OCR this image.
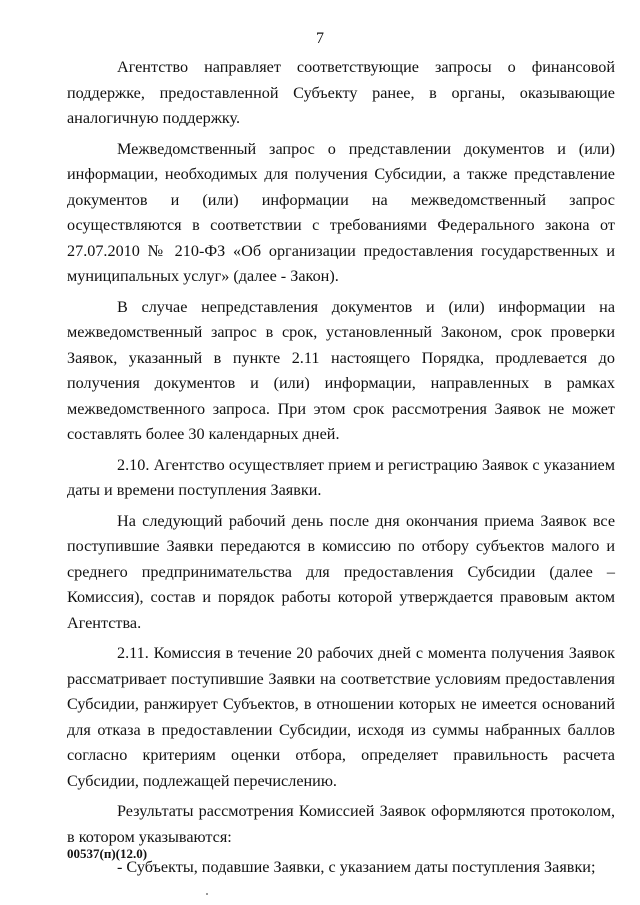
7

Агентство направляет соответствующие запросы о финансовой поддержке, предоставленной Субъекту ранее, в органы, оказывающие аналогичную поддержку.

Межведомственный запрос о представлении документов и (или) информации, необходимых для получения Субсидии, а также представление документов и (или) информации на межведомственный запрос осуществляются в соответствии с требованиями Федерального закона от 27.07.2010 № 210-ФЗ «Об организации предоставления государственных и муниципальных услуг» (далее - Закон).

В случае непредставления документов и (или) информации на межведомственный запрос в срок, установленный Законом, срок проверки Заявок, указанный в пункте 2.11 настоящего Порядка, продлевается до получения документов и (или) информации, направленных в рамках межведомственного запроса. При этом срок рассмотрения Заявок не может составлять более 30 календарных дней.

2.10. Агентство осуществляет прием и регистрацию Заявок с указанием даты и времени поступления Заявки.

На следующий рабочий день после дня окончания приема Заявок все поступившие Заявки передаются в комиссию по отбору субъектов малого и среднего предпринимательства для предоставления Субсидии (далее – Комиссия), состав и порядок работы которой утверждается правовым актом Агентства.

2.11. Комиссия в течение 20 рабочих дней с момента получения Заявок рассматривает поступившие Заявки на соответствие условиям предоставления Субсидии, ранжирует Субъектов, в отношении которых не имеется оснований для отказа в предоставлении Субсидии, исходя из суммы набранных баллов согласно критериям оценки отбора, определяет правильность расчета Субсидии, подлежащей перечислению.

Результаты рассмотрения Комиссией Заявок оформляются протоколом, в котором указываются:

- Субъекты, подавшие Заявки, с указанием даты поступления Заявки;

00537(п)(12.0)
